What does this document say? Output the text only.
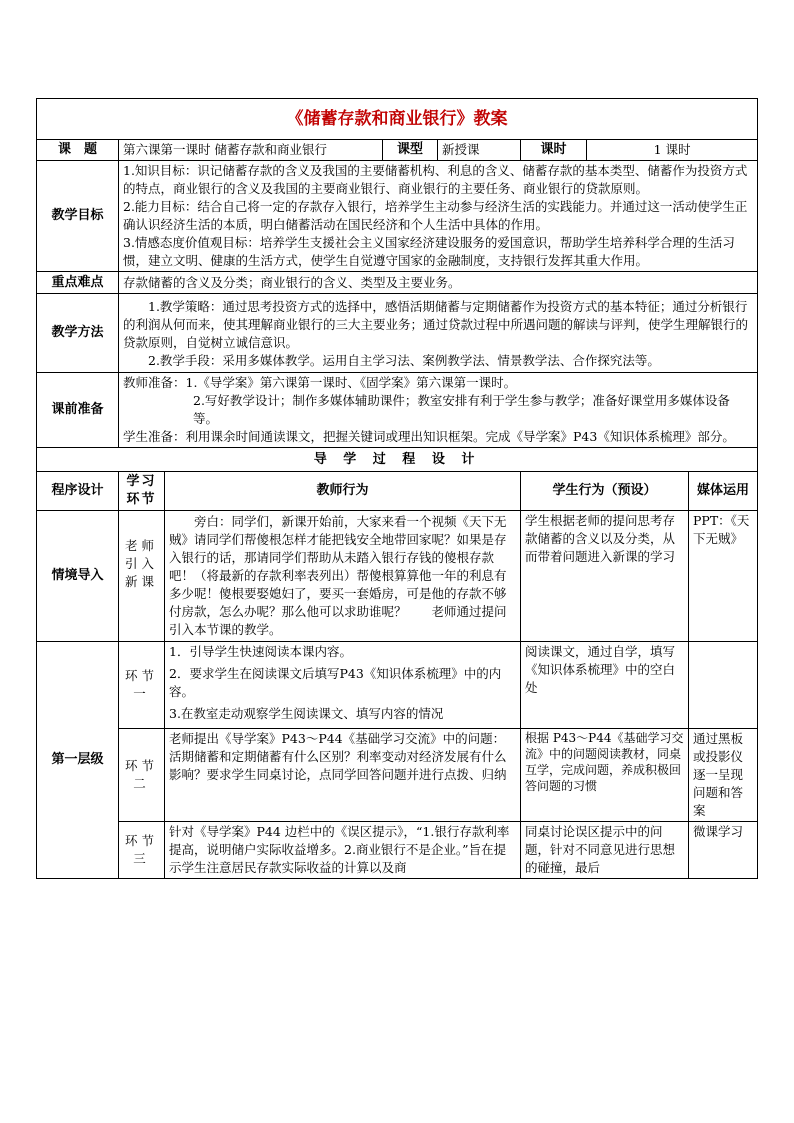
《储蓄存款和商业银行》教案							
课　题	第六课第一课时 储蓄存款和商业银行		课型	新授课	课时	1 课时	
教学目标	1.知识目标：识记储蓄存款的含义及我国的主要储蓄机构、利息的含义、储蓄存款的基本类型、储蓄作为投资方式的特点，商业银行的含义及我国的主要商业银行、商业银行的主要任务、商业银行的贷款原则。

2.能力目标：结合自己将一定的存款存入银行，培养学生主动参与经济生活的实践能力。并通过这一活动使学生正确认识经济生活的本质，明白储蓄活动在国民经济和个人生活中具体的作用。

3.情感态度价值观目标：培养学生支援社会主义国家经济建设服务的爱国意识，帮助学生培养科学合理的生活习惯，建立文明、健康的生活方式，使学生自觉遵守国家的金融制度，支持银行发挥其重大作用。						

重点难点	存款储蓄的含义及分类；商业银行的含义、类型及主要业务。						
教学方法	1.教学策略：通过思考投资方式的选择中，感悟活期储蓄与定期储蓄作为投资方式的基本特征；通过分析银行的利润从何而来，使其理解商业银行的三大主要业务；通过贷款过程中所遇问题的解读与评判，使学生理解银行的贷款原则，自觉树立诚信意识。

2.教学手段：采用多媒体教学。运用自主学习法、案例教学法、情景教学法、合作探究法等。						

课前准备	教师准备：1.《导学案》第六课第一课时、《固学案》第六课第一课时。

2.写好教学设计；制作多媒体辅助课件；教室安排有利于学生参与教学；准备好课堂用多媒体设备等。

学生准备：利用课余时间通读课文，把握关键词或理出知识框架。完成《导学案》P43《知识体系梳理》部分。						

导 学 过 程 设 计							
程序设计	学习环节	教师行为			学生行为（预设）		媒体运用
情境导入	老师引入新课	旁白：同学们，新课开始前，大家来看一个视频《天下无贼》请同学们帮傻根怎样才能把钱安全地带回家呢？如果是存入银行的话，那请同学们帮助从未踏入银行存钱的傻根存款吧！（将最新的存款利率表列出）帮傻根算算他一年的利息有多少呢！傻根要娶媳妇了，要买一套婚房，可是他的存款不够付房款，怎么办呢？那么他可以求助谁呢？　　老师通过提问引入本节课的教学。			学生根据老师的提问思考存款储蓄的含义以及分类，从而带着问题进入新课的学习		PPT：《天下无贼》
第一层级	环节一	1．引导学生快速阅读本课内容。

2．要求学生在阅读课文后填写P43《知识体系梳理》中的内容。

3.在教室走动观察学生阅读课文、填写内容的情况			阅读课文，通过自学，填写《知识体系梳理》中的空白处		
	环节二	老师提出《导学案》P43～P44《基础学习交流》中的问题：活期储蓄和定期储蓄有什么区别？利率变动对经济发展有什么影响？要求学生同桌讨论，点同学回答问题并进行点拨、归纳			根据 P43～P44《基础学习交流》中的问题阅读教材，同桌互学，完成问题，养成积极回答问题的习惯		通过黑板或投影仪逐一呈现问题和答案
	环节三	针对《导学案》P44 边栏中的《误区提示》，“1.银行存款利率提高，说明储户实际收益增多。2.商业银行不是企业。”旨在提示学生注意居民存款实际收益的计算以及商			同桌讨论误区提示中的问题，针对不同意见进行思想的碰撞，最后		微课学习
